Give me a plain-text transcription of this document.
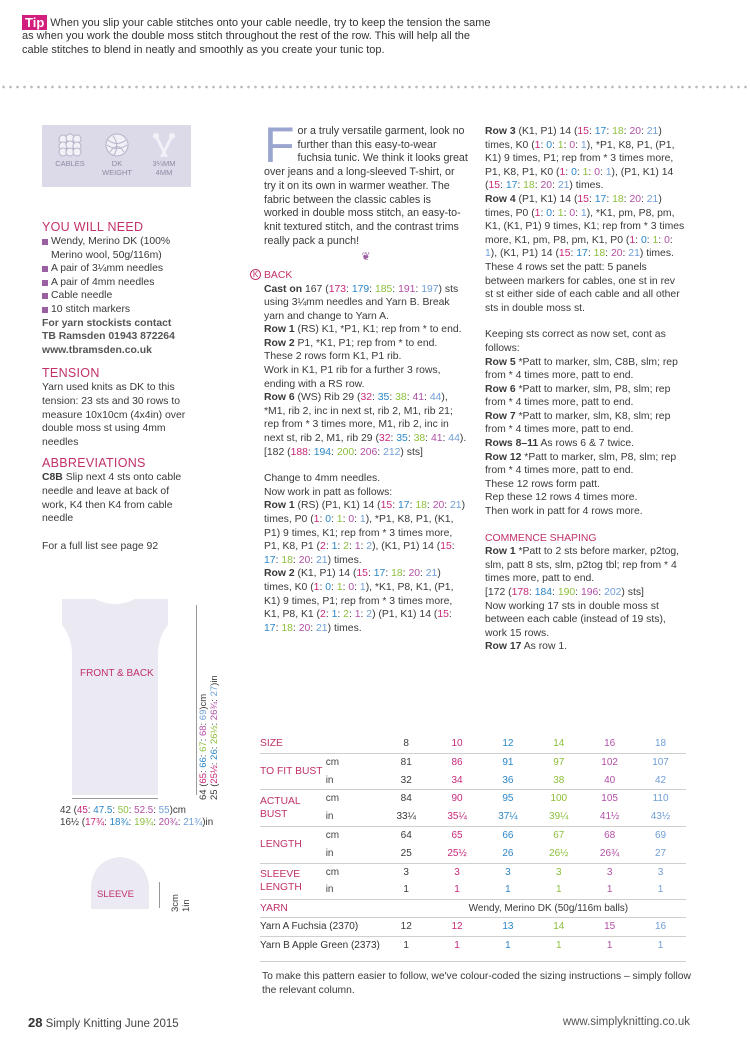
Tip When you slip your cable stitches onto your cable needle, try to keep the tension the same as when you work the double moss stitch throughout the rest of the row. This will help all the cable stitches to blend in neatly and smoothly as you create your tunic top.
CABLES	DK
WEIGHT
3¼MM
4MM
YOU WILL NEED
Wendy, Merino DK (100% Merino wool, 50g/116m)
A pair of 3¼mm needles
A pair of 4mm needles
Cable needle
10 stitch markers
For yarn stockists contact
TB Ramsden 01943 872264
www.tbramsden.co.uk
TENSION
Yarn used knits as DK to this tension: 23 sts and 30 rows to measure 10x10cm (4x4in) over double moss st using 4mm needles
ABBREVIATIONS
C8B Slip next 4 sts onto cable needle and leave at back of work, K4 then K4 from cable needle
For a full list see page 92
FRONT & BACK
64 (65: 66: 67: 68: 69)cm
25 (25½: 26: 26½: 26¾: 27)in
42 (45: 47.5: 50: 52.5: 55)cm
16½ (17¾: 18¾: 19¾: 20¾: 21¾)in
SLEEVE	3cm 1in
For a truly versatile garment, look no further than this easy-to-wear fuchsia tunic. We think it looks great over jeans and a long-sleeved T-shirt, or try it on its own in warmer weather. The fabric between the classic cables is worked in double moss stitch, an easy-to-knit textured stitch, and the contrast trims really pack a punch!
❦
K BACK

Cast on 167 (173: 179: 185: 191: 197) sts using 3¼mm needles and Yarn B. Break yarn and change to Yarn A.

Row 1 (RS) K1, *P1, K1; rep from * to end.

Row 2 P1, *K1, P1; rep from * to end. These 2 rows form K1, P1 rib.

Work in K1, P1 rib for a further 3 rows, ending with a RS row.

Row 6 (WS) Rib 29 (32: 35: 38: 41: 44), *M1, rib 2, inc in next st, rib 2, M1, rib 21; rep from * 3 times more, M1, rib 2, inc in next st, rib 2, M1, rib 29 (32: 35: 38: 41: 44).

[182 (188: 194: 200: 206: 212) sts]

Change to 4mm needles.

Now work in patt as follows:

Row 1 (RS) (P1, K1) 14 (15: 17: 18: 20: 21) times, P0 (1: 0: 1: 0: 1), *P1, K8, P1, (K1, P1) 9 times, K1; rep from * 3 times more, P1, K8, P1 (2: 1: 2: 1: 2), (K1, P1) 14 (15: 17: 18: 20: 21) times.

Row 2 (K1, P1) 14 (15: 17: 18: 20: 21) times, K0 (1: 0: 1: 0: 1), *K1, P8, K1, (P1, K1) 9 times, P1; rep from * 3 times more, K1, P8, K1 (2: 1: 2: 1: 2) (P1, K1) 14 (15: 17: 18: 20: 21) times.

Row 3 (K1, P1) 14 (15: 17: 18: 20: 21) times, K0 (1: 0: 1: 0: 1), *P1, K8, P1, (P1, K1) 9 times, P1; rep from * 3 times more, P1, K8, P1, K0 (1: 0: 1: 0: 1), (P1, K1) 14 (15: 17: 18: 20: 21) times.

Row 4 (P1, K1) 14 (15: 17: 18: 20: 21) times, P0 (1: 0: 1: 0: 1), *K1, pm, P8, pm, K1, (K1, P1) 9 times, K1; rep from * 3 times more, K1, pm, P8, pm, K1, P0 (1: 0: 1: 0: 1), (K1, P1) 14 (15: 17: 18: 20: 21) times.

These 4 rows set the patt: 5 panels between markers for cables, one st in rev st st either side of each cable and all other sts in double moss st.

Keeping sts correct as now set, cont as follows:

Row 5 *Patt to marker, slm, C8B, slm; rep from * 4 times more, patt to end.

Row 6 *Patt to marker, slm, P8, slm; rep from * 4 times more, patt to end.

Row 7 *Patt to marker, slm, K8, slm; rep from * 4 times more, patt to end.

Rows 8–11 As rows 6 & 7 twice.

Row 12 *Patt to marker, slm, P8, slm; rep from * 4 times more, patt to end.

These 12 rows form patt.

Rep these 12 rows 4 times more.

Then work in patt for 4 rows more.

COMMENCE SHAPING

Row 1 *Patt to 2 sts before marker, p2tog, slm, patt 8 sts, slm, p2tog tbl; rep from * 4 times more, patt to end.

[172 (178: 184: 190: 196: 202) sts]

Now working 17 sts in double moss st between each cable (instead of 19 sts), work 15 rows.

Row 17 As row 1.

SIZE		8	10	12	14	16	18
TO FIT BUST	cm	81	86	91	97	102	107
	in	32	34	36	38	40	42
ACTUAL BUST	cm	84	90	95	100	105	110
	in	33¼	35¼	37¼	39¼	41½	43½
LENGTH	cm	64	65	66	67	68	69
	in	25	25½	26	26½	26¾	27
SLEEVE LENGTH	cm	3	3	3	3	3	3
	in	1	1	1	1	1	1
YARN		Wendy, Merino DK (50g/116m balls)					
Yarn A Fuchsia (2370)		12	12	13	14	15	16
Yarn B Apple Green (2373)		1	1	1	1	1	1
To make this pattern easier to follow, we've colour-coded the sizing instructions – simply follow the relevant column.
28 Simply Knitting June 2015	www.simplyknitting.co.uk
